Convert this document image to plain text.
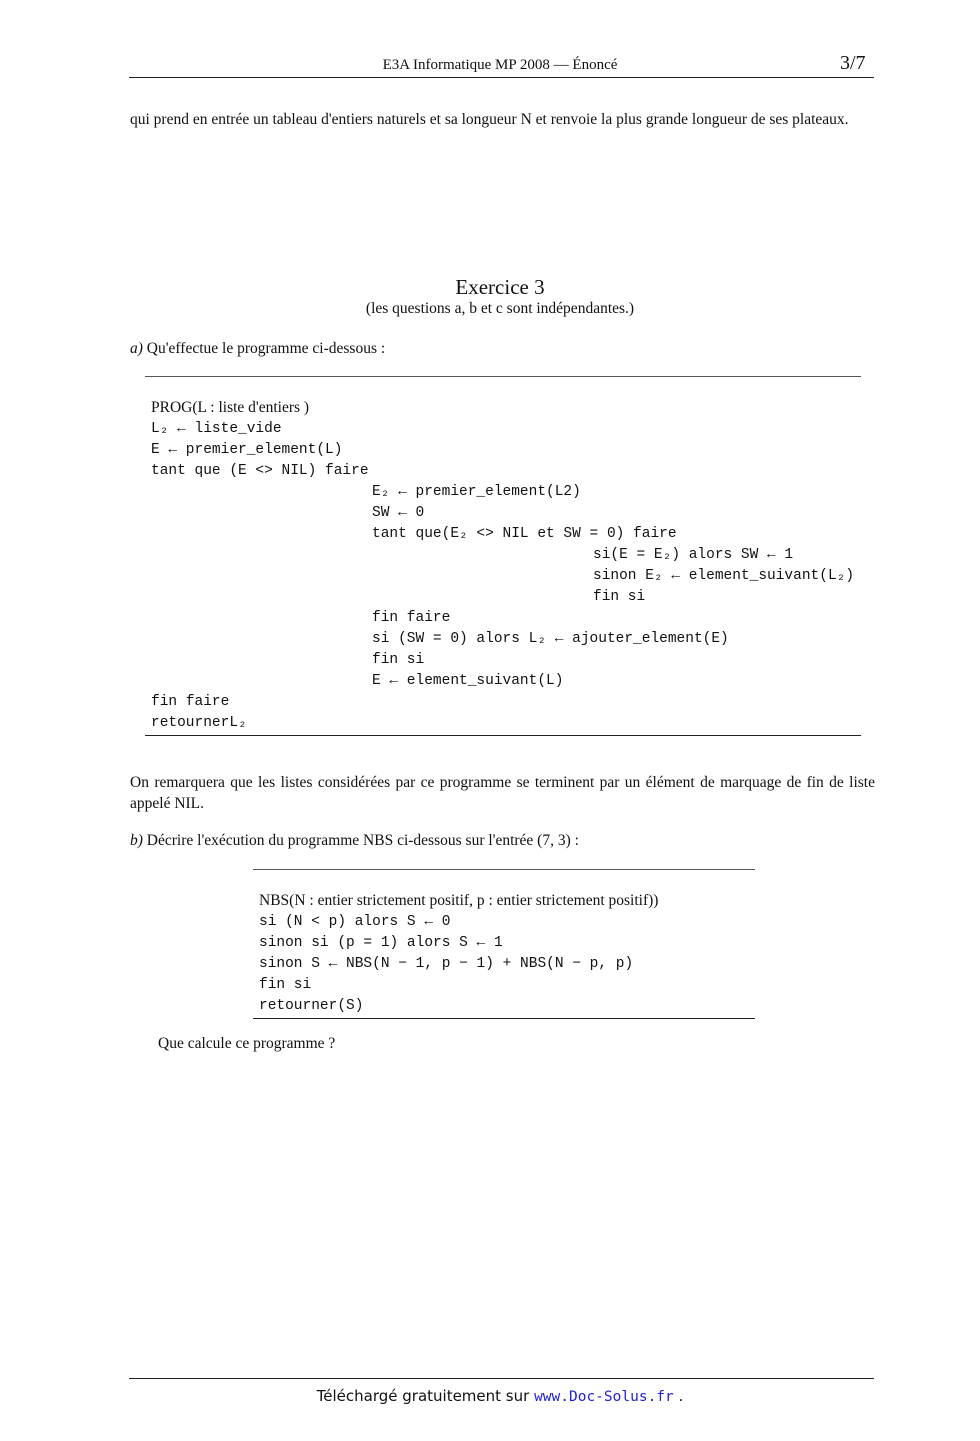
E3A Informatique MP 2008 — Énoncé	3/7
qui prend en entrée un tableau d'entiers naturels et sa longueur N et renvoie la plus grande longueur de ses plateaux.
Exercice 3
(les questions a, b et c sont indépendantes.)
a) Qu'effectue le programme ci-dessous :
PROG(L : liste d'entiers )
L₂ ← liste_vide
E ← premier_element(L)
tant que (E <> NIL) faire
E₂ ← premier_element(L2)
SW ← 0
tant que(E₂ <> NIL et SW = 0) faire
si(E = E₂) alors SW ← 1
sinon E₂ ← element_suivant(L₂)
fin si
fin faire
si (SW = 0) alors L₂ ← ajouter_element(E)
fin si
E ← element_suivant(L)
fin faire
retournerL₂
On remarquera que les listes considérées par ce programme se terminent par un élément de marquage de fin de liste appelé NIL.
b) Décrire l'exécution du programme NBS ci-dessous sur l'entrée (7, 3) :
NBS(N : entier strictement positif, p : entier strictement positif))
si (N < p) alors S ← 0
sinon si (p = 1) alors S ← 1
sinon S ← NBS(N − 1, p − 1) + NBS(N − p, p)
fin si
retourner(S)
Que calcule ce programme ?
Téléchargé gratuitement sur www.Doc-Solus.fr .
